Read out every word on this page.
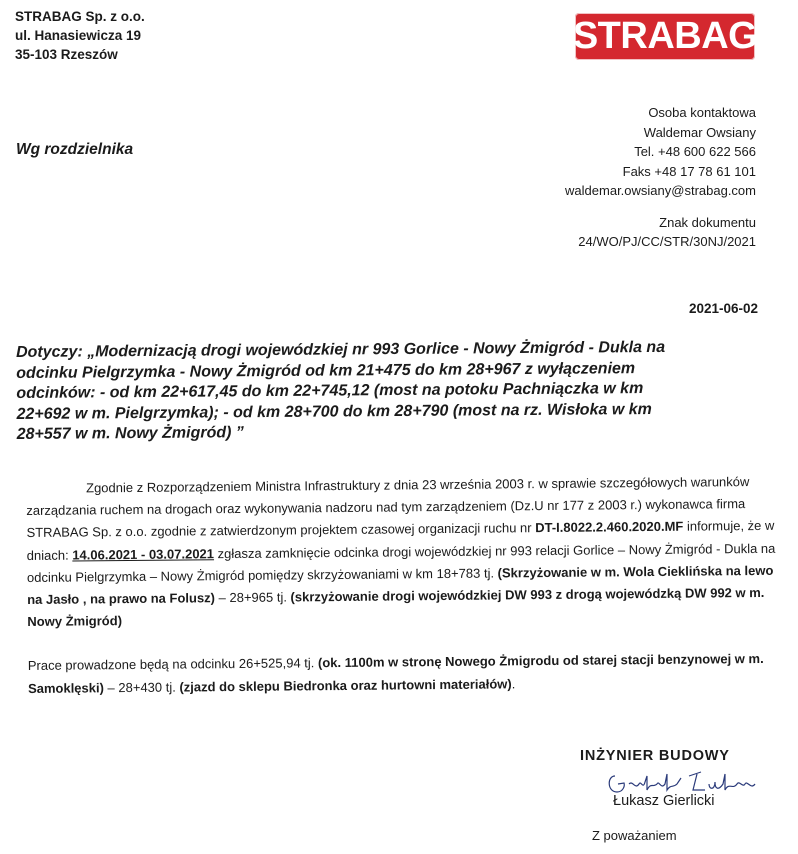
STRABAG Sp. z o.o.
ul. Hanasiewicza 19
35-103 Rzeszów	STRABAG
Wg rozdzielnika
Osoba kontaktowa
Waldemar Owsiany
Tel. +48 600 622 566
Faks +48 17 78 61 101
waldemar.owsiany@strabag.com
Znak dokumentu
24/WO/PJ/CC/STR/30NJ/2021
2021-06-02
Dotyczy: „Modernizacją drogi wojewódzkiej nr 993 Gorlice - Nowy Żmigród - Dukla na
odcinku Pielgrzymka - Nowy Żmigród od km 21+475 do km 28+967 z wyłączeniem
odcinków: - od km 22+617,45 do km 22+745,12 (most na potoku Pachniączka w km
22+692 w m. Pielgrzymka); - od km 28+700 do km 28+790 (most na rz. Wisłoka w km
28+557 w m. Nowy Żmigród) ”

Zgodnie z Rozporządzeniem Ministra Infrastruktury z dnia 23 września 2003 r. w sprawie szczegółowych warunków zarządzania ruchem na drogach oraz wykonywania nadzoru nad tym zarządzeniem (Dz.U nr 177 z 2003 r.) wykonawca firma STRABAG Sp. z o.o. zgodnie z zatwierdzonym projektem czasowej organizacji ruchu nr DT-I.8022.2.460.2020.MF informuje, że w dniach: 14.06.2021 - 03.07.2021 zgłasza zamknięcie odcinka drogi wojewódzkiej nr 993 relacji Gorlice – Nowy Żmigród - Dukla na odcinku Pielgrzymka – Nowy Żmigród pomiędzy skrzyżowaniami w km 18+783 tj. (Skrzyżowanie w m. Wola Cieklińska na lewo na Jasło , na prawo na Folusz) – 28+965 tj. (skrzyżowanie drogi wojewódzkiej DW 993 z drogą wojewódzką DW 992 w m. Nowy Żmigród)

Prace prowadzone będą na odcinku 26+525,94 tj. (ok. 1100m w stronę Nowego Żmigrodu od starej stacji benzynowej w m. Samoklęski) – 28+430 tj. (zjazd do sklepu Biedronka oraz hurtowni materiałów).

INŻYNIER BUDOWY
Łukasz Gierlicki
Z poważaniem
